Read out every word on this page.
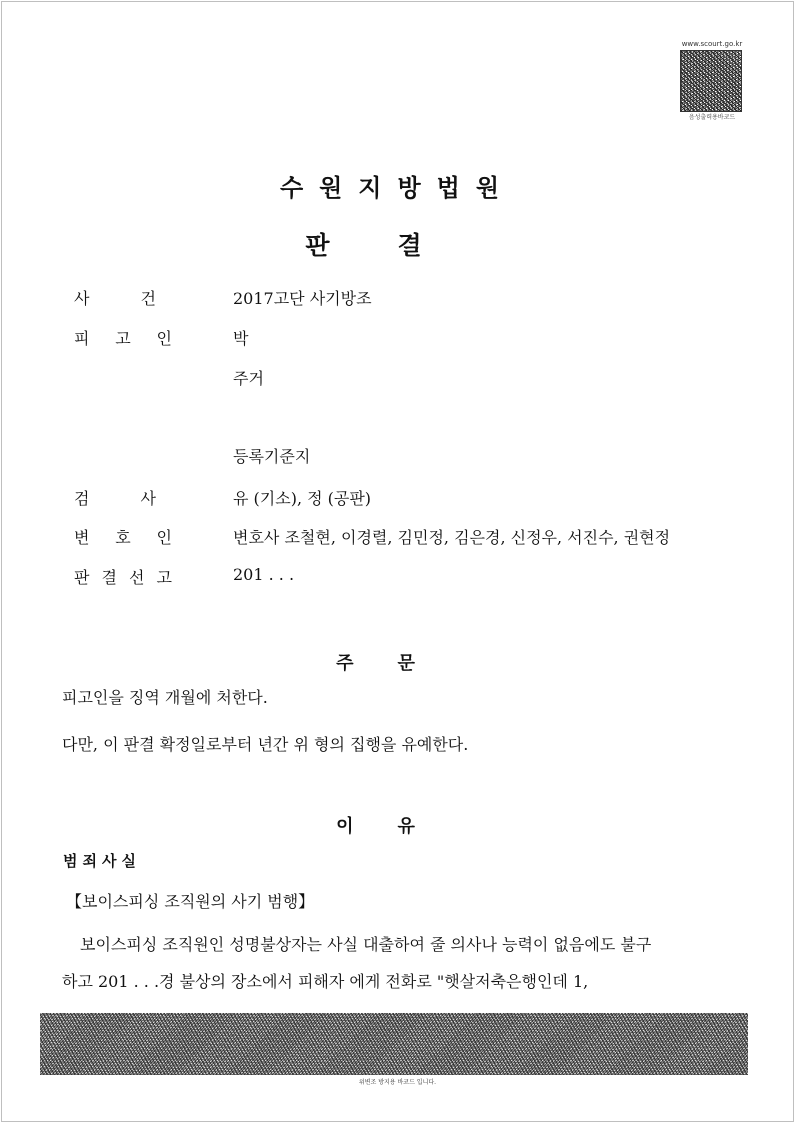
www.scourt.go.kr
음성출력용바코드
수원지방법원
판결
사	건	2017고단 사기방조
피 고 인	박
주거
등록기준지
검	사	유 (기소), 정 (공판)
변 호 인	변호사 조철현, 이경렬, 김민정, 김은경, 신정우, 서진수, 권현정
판 결 선 고	201 . . .
주문
피고인을 징역 개월에 처한다.
다만, 이 판결 확정일로부터 년간 위 형의 집행을 유예한다.
이유
범죄사실
【보이스피싱 조직원의 사기 범행】
보이스피싱 조직원인 성명불상자는 사실 대출하여 줄 의사나 능력이 없음에도 불구
하고 201 . . .경 불상의 장소에서 피해자 에게 전화로 "햇살저축은행인데 1,
위변조 방지용 바코드 입니다.
